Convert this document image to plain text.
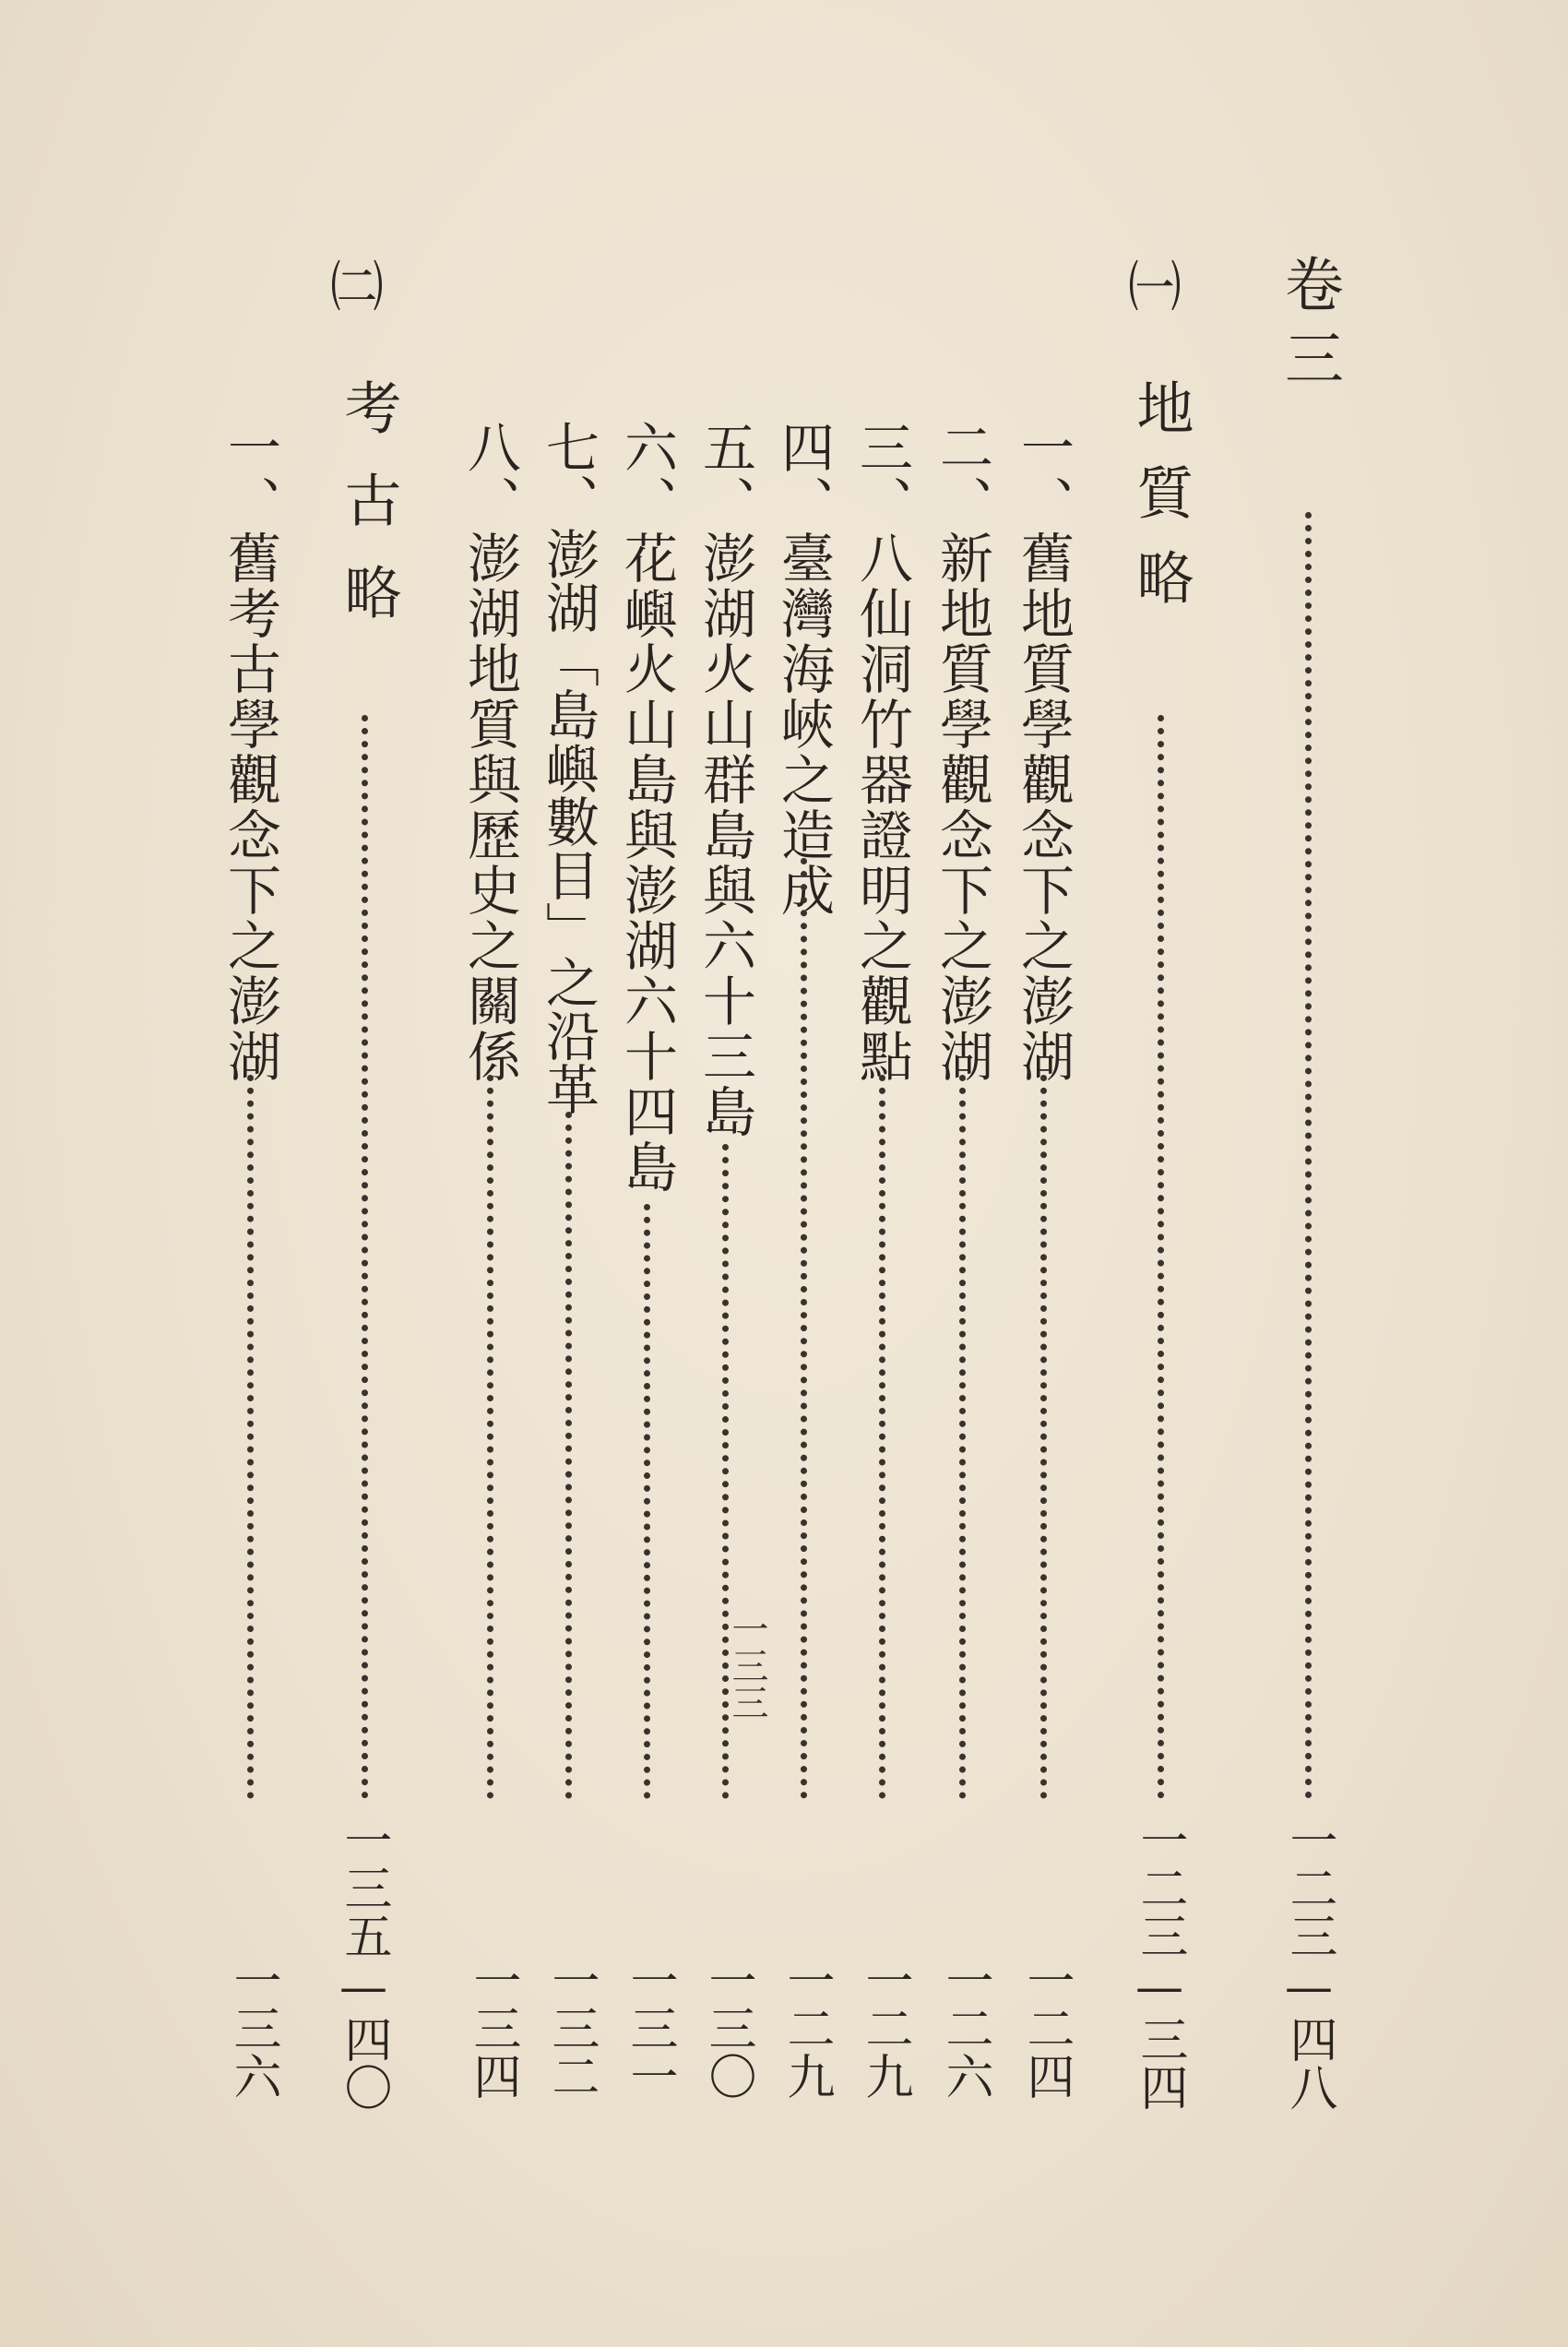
卷三
一二三—四八
㈠
地質略
一二三—三四
一、舊地質學觀念下之澎湖
一二四
二、新地質學觀念下之澎湖
一二六
三、八仙洞竹器證明之觀點
一二九
四、臺灣海峽之造成
一二九
五、澎湖火山群島與六十三島
一三〇
六、花嶼火山島與澎湖六十四島
一三一
七、澎湖「島嶼數目」之沿革
一三二
八、澎湖地質與歷史之關係
一三四
㈡
考古略
一三五—四〇
一、舊考古學觀念下之澎湖
一三六
一三三
